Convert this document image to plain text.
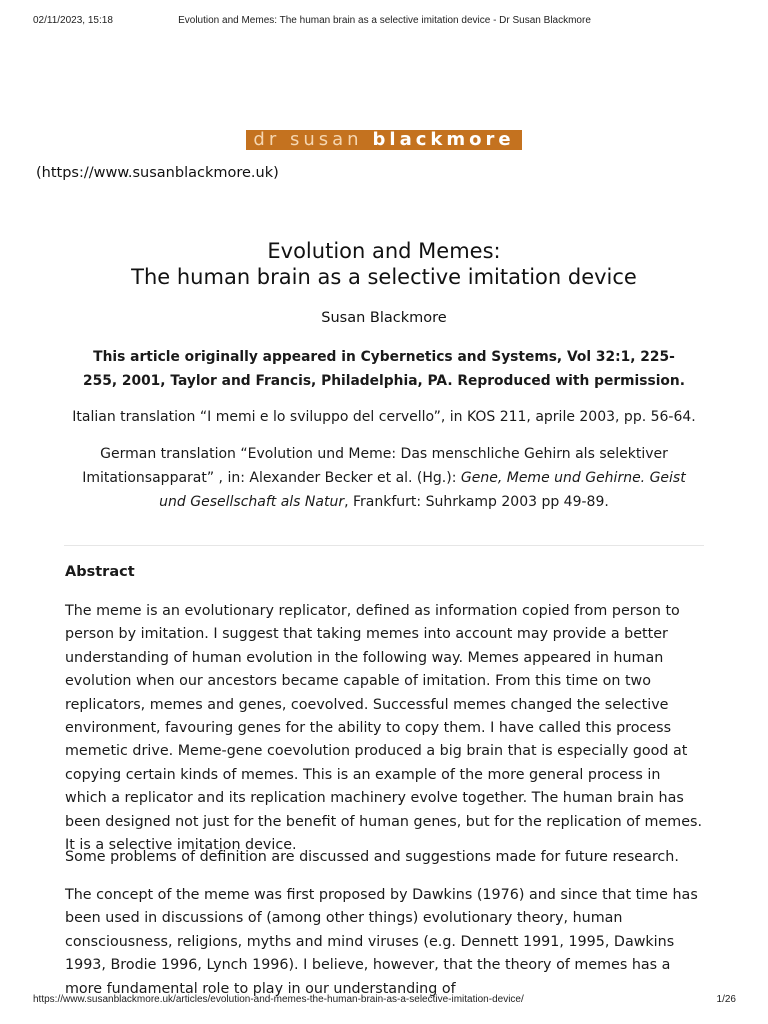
02/11/2023, 15:18	Evolution and Memes: The human brain as a selective imitation device - Dr Susan Blackmore
dr susan blackmore
(https://www.susanblackmore.uk)
Evolution and Memes:
The human brain as a selective imitation device
Susan Blackmore
This article originally appeared in Cybernetics and Systems, Vol 32:1, 225-255, 2001, Taylor and Francis, Philadelphia, PA. Reproduced with permission.
Italian translation “I memi e lo sviluppo del cervello”, in KOS 211, aprile 2003, pp. 56-64.
German translation “Evolution und Meme: Das menschliche Gehirn als selektiver Imitationsapparat” , in: Alexander Becker et al. (Hg.): Gene, Meme und Gehirne. Geist und Gesellschaft als Natur, Frankfurt: Suhrkamp 2003 pp 49-89.
Abstract

The meme is an evolutionary replicator, defined as information copied from person to person by imitation. I suggest that taking memes into account may provide a better understanding of human evolution in the following way. Memes appeared in human evolution when our ancestors became capable of imitation. From this time on two replicators, memes and genes, coevolved. Successful memes changed the selective environment, favouring genes for the ability to copy them. I have called this process memetic drive. Meme-gene coevolution produced a big brain that is especially good at copying certain kinds of memes. This is an example of the more general process in which a replicator and its replication machinery evolve together. The human brain has been designed not just for the benefit of human genes, but for the replication of memes. It is a selective imitation device.

Some problems of definition are discussed and suggestions made for future research.

The concept of the meme was first proposed by Dawkins (1976) and since that time has been used in discussions of (among other things) evolutionary theory, human consciousness, religions, myths and mind viruses (e.g. Dennett 1991, 1995, Dawkins 1993, Brodie 1996, Lynch 1996). I believe, however, that the theory of memes has a more fundamental role to play in our understanding of

https://www.susanblackmore.uk/articles/evolution-and-memes-the-human-brain-as-a-selective-imitation-device/	1/26
